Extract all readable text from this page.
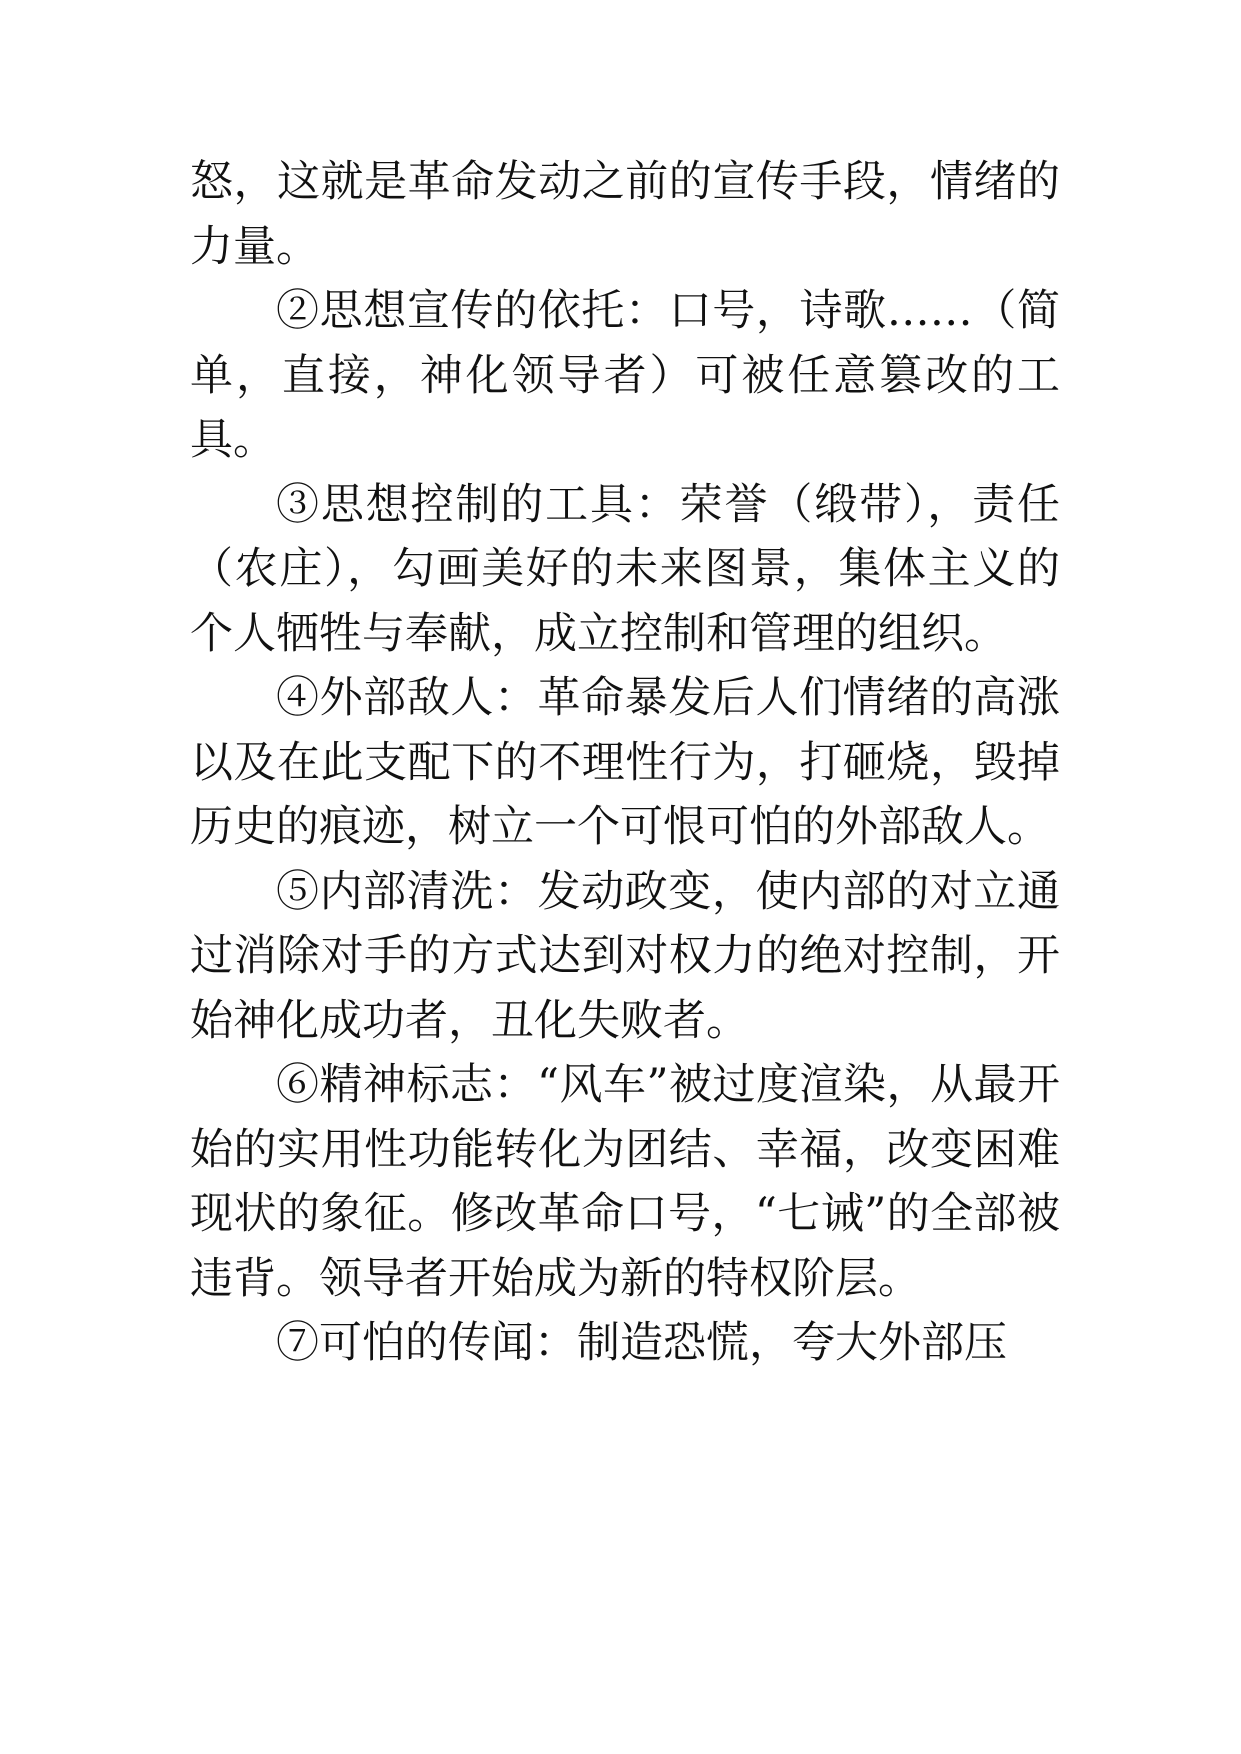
怒，这就是革命发动之前的宣传手段，情绪的力量。

②思想宣传的依托：口号，诗歌……（简单，直接，神化领导者）可被任意篡改的工具。

③思想控制的工具：荣誉（缎带），责任（农庄），勾画美好的未来图景，集体主义的个人牺牲与奉献，成立控制和管理的组织。

④外部敌人：革命暴发后人们情绪的高涨以及在此支配下的不理性行为，打砸烧，毁掉历史的痕迹，树立一个可恨可怕的外部敌人。

⑤内部清洗：发动政变，使内部的对立通过消除对手的方式达到对权力的绝对控制，开始神化成功者，丑化失败者。

⑥精神标志：“风车”被过度渲染，从最开始的实用性功能转化为团结、幸福，改变困难现状的象征。修改革命口号，“七诫”的全部被违背。领导者开始成为新的特权阶层。

⑦可怕的传闻：制造恐慌，夸大外部压
